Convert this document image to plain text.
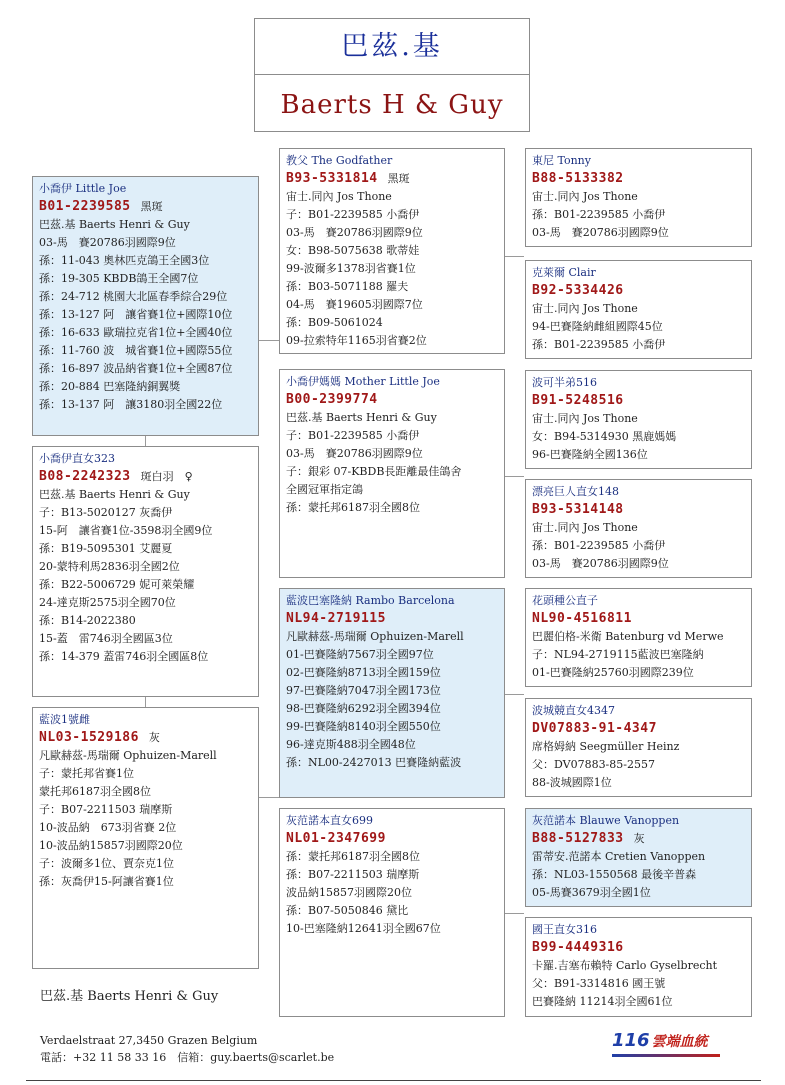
巴茲.基
Baerts H & Guy
小喬伊 Little Joe
B01-2239585 黑斑
巴茲.基 Baerts Henri & Guy
03-馬　賽20786羽國際9位
孫：11-043 奧林匹克鴿王全國3位
孫：19-305 KBDB鴿王全國7位
孫：24-712 桃園大北區春季綜合29位
孫：13-127 阿　讓省賽1位+國際10位
孫：16-633 歐瑞拉克省1位+全國40位
孫：11-760 波　城省賽1位+國際55位
孫：16-897 波品納省賽1位+全國87位
孫：20-884 巴塞隆納銅翼獎
孫：13-137 阿　讓3180羽全國22位
小喬伊直女323
B08-2242323 斑白羽　♀
巴茲.基 Baerts Henri & Guy
子：B13-5020127 灰喬伊
15-阿　讓省賽1位-3598羽全國9位
孫：B19-5095301 艾麗夏
20-蒙特利馬2836羽全國2位
孫：B22-5006729 妮可萊榮耀
24-達克斯2575羽全國70位
孫：B14-2022380
15-蓋　雷746羽全國區3位
孫：14-379 蓋雷746羽全國區8位
藍波1號雌
NL03-1529186 灰
凡歐赫茲-馬瑞爾 Ophuizen-Marell
子：蒙托邦省賽1位
蒙托邦6187羽全國8位
子：B07-2211503 瑞摩斯
10-波品納　673羽省賽 2位
10-波品納15857羽國際20位
子：波爾多1位、賈奈克1位
孫：灰喬伊15-阿讓省賽1位
教父 The Godfather
B93-5331814 黑斑
宙士.同內 Jos Thone
子：B01-2239585 小喬伊
03-馬　賽20786羽國際9位
女：B98-5075638 歌蒂娃
99-波爾多1378羽省賽1位
孫：B03-5071188 羅夫
04-馬　賽19605羽國際7位
孫：B09-5061024
09-拉索特年1165羽省賽2位
小喬伊媽媽 Mother Little Joe
B00-2399774
巴茲.基 Baerts Henri & Guy
子：B01-2239585 小喬伊
03-馬　賽20786羽國際9位
子：銀彩 07-KBDB長距離最佳鴿舍
全國冠軍指定鴿
孫：蒙托邦6187羽全國8位
藍波巴塞隆納 Rambo Barcelona
NL94-2719115
凡歐赫茲-馬瑞爾 Ophuizen-Marell
01-巴賽隆納7567羽全國97位
02-巴賽隆納8713羽全國159位
97-巴賽隆納7047羽全國173位
98-巴賽隆納6292羽全國394位
99-巴賽隆納8140羽全國550位
96-達克斯488羽全國48位
孫：NL00-2427013 巴賽隆納藍波
灰范諾本直女699
NL01-2347699
孫：蒙托邦6187羽全國8位
孫：B07-2211503 瑞摩斯
波品納15857羽國際20位
孫：B07-5050846 黛比
10-巴塞隆納12641羽全國67位
東尼 Tonny
B88-5133382
宙士.同內 Jos Thone
孫：B01-2239585 小喬伊
03-馬　賽20786羽國際9位
克萊爾 Clair
B92-5334426
宙士.同內 Jos Thone
94-巴賽隆納雌組國際45位
孫：B01-2239585 小喬伊
波可半弟516
B91-5248516
宙士.同內 Jos Thone
女：B94-5314930 黑鹿媽媽
96-巴賽隆納全國136位
漂亮巨人直女148
B93-5314148
宙士.同內 Jos Thone
孫：B01-2239585 小喬伊
03-馬　賽20786羽國際9位
花頭種公直子
NL90-4516811
巴麗伯格-米衛 Batenburg vd Merwe
子：NL94-2719115藍波巴塞隆納
01-巴賽隆納25760羽國際239位
波城競直女4347
DV07883-91-4347
席格姆納 Seegmüller Heinz
父：DV07883-85-2557
88-波城國際1位
灰范諾本 Blauwe Vanoppen
B88-5127833 灰
雷蒂安.范諾本 Cretien Vanoppen
孫：NL03-1550568 最後辛普森
05-馬賽3679羽全國1位
國王直女316
B99-4449316
卡羅.吉塞布賴特 Carlo Gyselbrecht
父：B91-3314816 國王號
巴賽隆納 11214羽全國61位
巴茲.基 Baerts Henri & Guy
Verdaelstraat 27,3450 Grazen Belgium
電話：+32 11 58 33 16　信箱：guy.baerts@scarlet.be
116 雲端血統
